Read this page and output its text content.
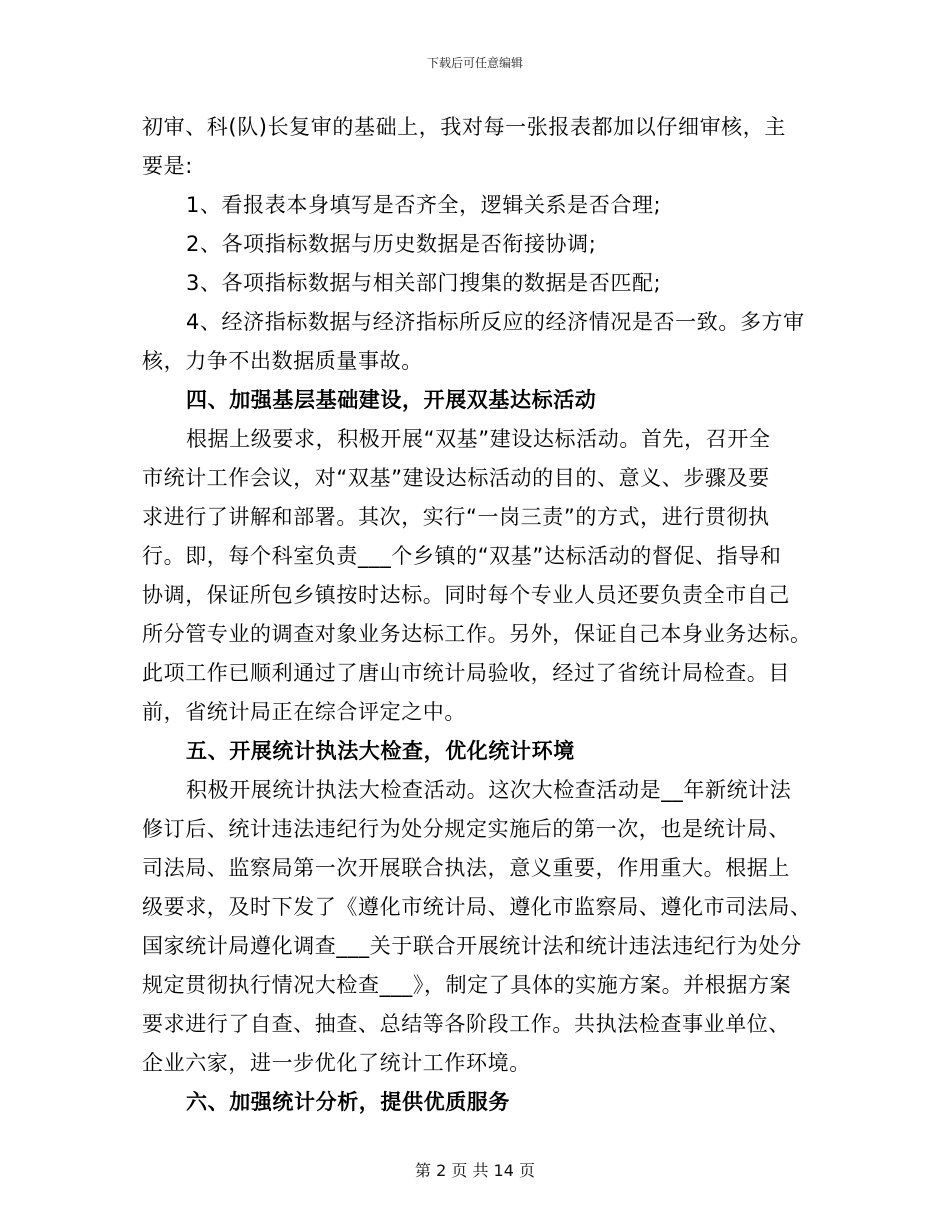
下载后可任意编辑
初审、科(队)长复审的基础上，我对每一张报表都加以仔细审核，主
要是:
1、看报表本身填写是否齐全，逻辑关系是否合理;
2、各项指标数据与历史数据是否衔接协调;
3、各项指标数据与相关部门搜集的数据是否匹配;
4、经济指标数据与经济指标所反应的经济情况是否一致。多方审
核，力争不出数据质量事故。
四、加强基层基础建设，开展双基达标活动
根据上级要求，积极开展“双基”建设达标活动。首先，召开全
市统计工作会议，对“双基”建设达标活动的目的、意义、步骤及要
求进行了讲解和部署。其次，实行“一岗三责”的方式，进行贯彻执
行。即，每个科室负责___个乡镇的“双基”达标活动的督促、指导和
协调，保证所包乡镇按时达标。同时每个专业人员还要负责全市自己
所分管专业的调查对象业务达标工作。另外，保证自己本身业务达标。
此项工作已顺利通过了唐山市统计局验收，经过了省统计局检查。目
前，省统计局正在综合评定之中。
五、开展统计执法大检查，优化统计环境
积极开展统计执法大检查活动。这次大检查活动是__年新统计法
修订后、统计违法违纪行为处分规定实施后的第一次，也是统计局、
司法局、监察局第一次开展联合执法，意义重要，作用重大。根据上
级要求，及时下发了《遵化市统计局、遵化市监察局、遵化市司法局、
国家统计局遵化调查___关于联合开展统计法和统计违法违纪行为处分
规定贯彻执行情况大检查___》，制定了具体的实施方案。并根据方案
要求进行了自查、抽查、总结等各阶段工作。共执法检查事业单位、
企业六家，进一步优化了统计工作环境。
六、加强统计分析，提供优质服务
第 2 页 共 14 页
